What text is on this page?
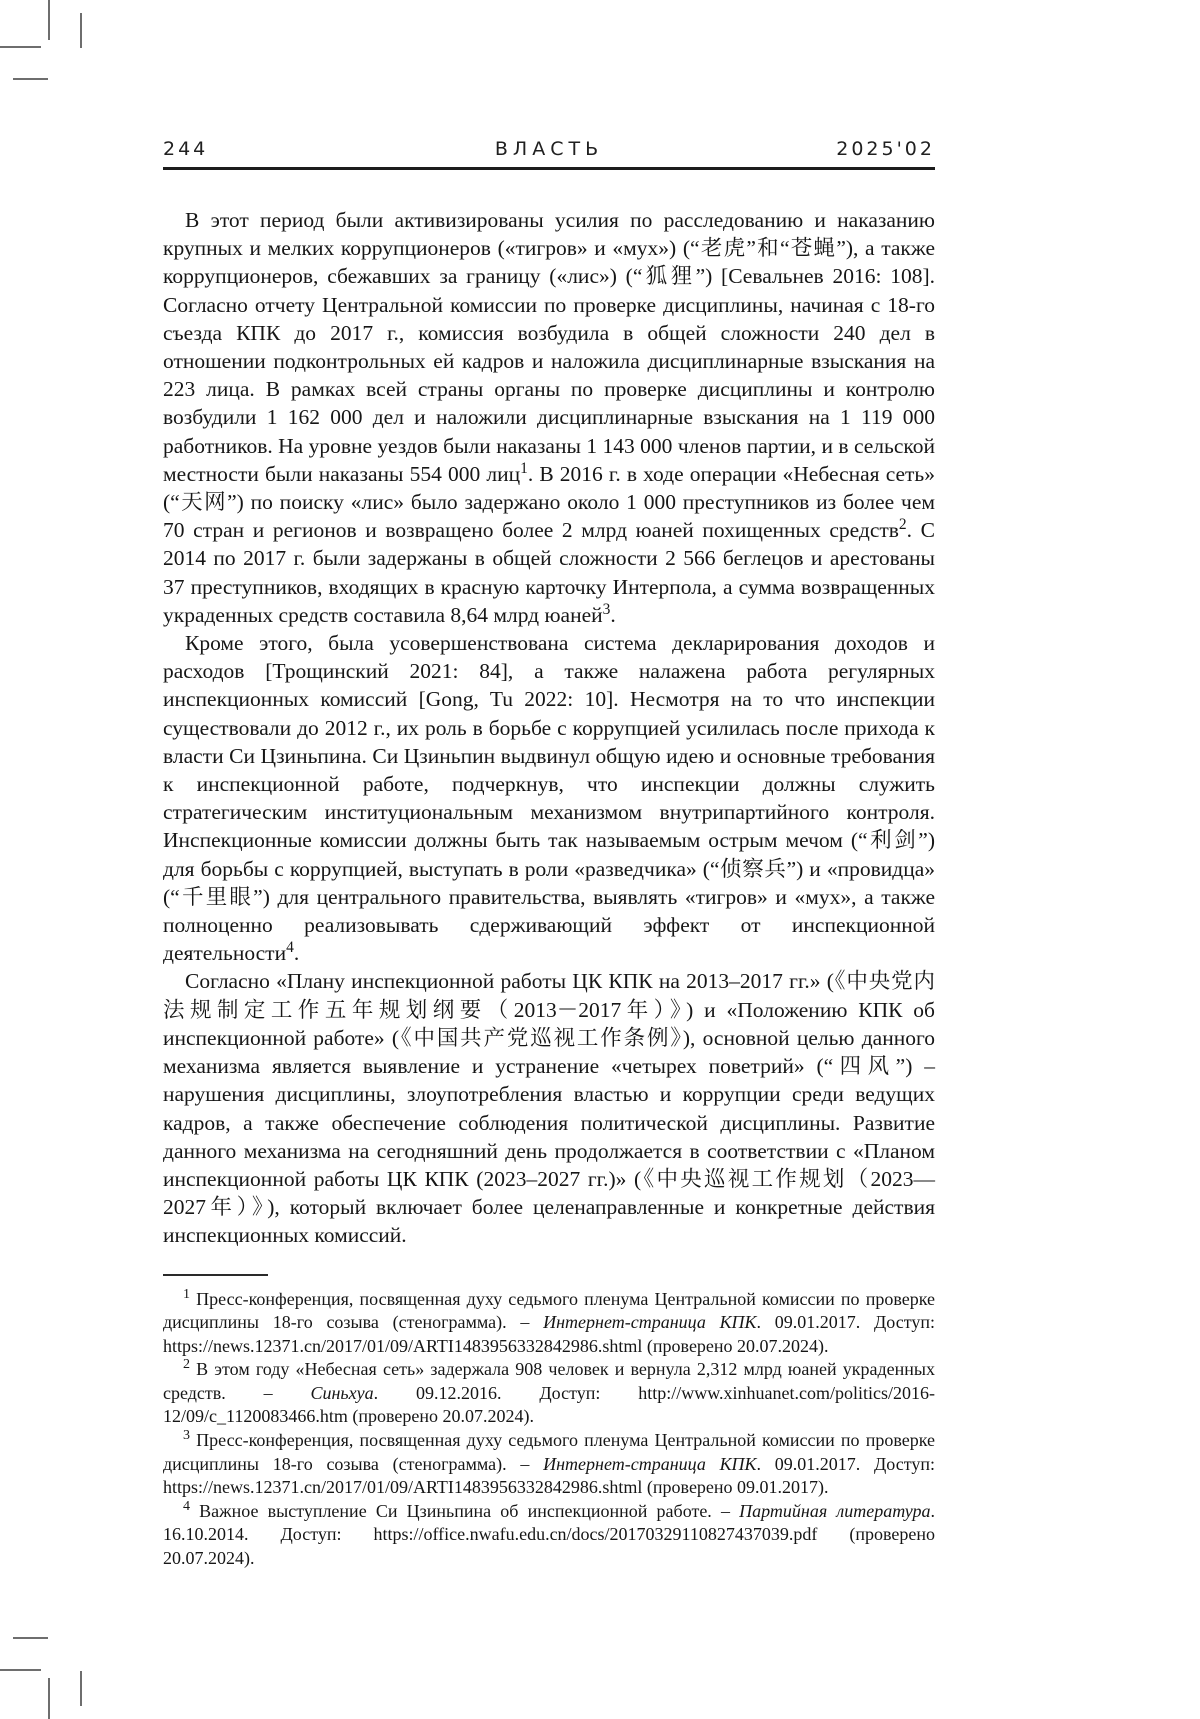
244	ВЛАСТЬ	2025'02

В этот период были активизированы усилия по расследованию и наказанию крупных и мелких коррупционеров («тигров» и «мух») (“老虎”和“苍蝇”), а также коррупционеров, сбежавших за границу («лис») (“狐狸”) [Севальнев 2016: 108]. Согласно отчету Центральной комиссии по проверке дисциплины, начиная с 18-го съезда КПК до 2017 г., комиссия возбудила в общей сложности 240 дел в отношении подконтрольных ей кадров и наложила дисциплинарные взыскания на 223 лица. В рамках всей страны органы по проверке дисциплины и контролю возбудили 1 162 000 дел и наложили дисциплинарные взыскания на 1 119 000 работников. На уровне уездов были наказаны 1 143 000 членов партии, и в сельской местности были наказаны 554 000 лиц$^1$. В 2016 г. в ходе операции «Небесная сеть» (“天网”) по поиску «лис» было задержано около 1 000 преступников из более чем 70 стран и регионов и возвращено более 2 млрд юаней похищенных средств$^2$. С 2014 по 2017 г. были задержаны в общей сложности 2 566 беглецов и арестованы 37 преступников, входящих в красную карточку Интерпола, а сумма возвращенных украденных средств составила 8,64 млрд юаней$^3$.

Кроме этого, была усовершенствована система декларирования доходов и расходов [Трощинский 2021: 84], а также налажена работа регулярных инспекционных комиссий [Gong, Tu 2022: 10]. Несмотря на то что инспекции существовали до 2012 г., их роль в борьбе с коррупцией усилилась после прихода к власти Си Цзиньпина. Си Цзиньпин выдвинул общую идею и основные требования к инспекционной работе, подчеркнув, что инспекции должны служить стратегическим институциональным механизмом внутрипартийного контроля. Инспекционные комиссии должны быть так называемым острым мечом (“利剑”) для борьбы с коррупцией, выступать в роли «разведчика» (“侦察兵”) и «провидца» (“千里眼”) для центрального правительства, выявлять «тигров» и «мух», а также полноценно реализовывать сдерживающий эффект от инспекционной деятельности$^4$.

Согласно «Плану инспекционной работы ЦК КПК на 2013–2017 гг.» (《中央党内法规制定工作五年规划纲要（2013－2017年）》) и «Положению КПК об инспекционной работе» (《中国共产党巡视工作条例》), основной целью данного механизма является выявление и устранение «четырех поветрий» (“四风”) – нарушения дисциплины, злоупотребления властью и коррупции среди ведущих кадров, а также обеспечение соблюдения политической дисциплины. Развитие данного механизма на сегодняшний день продолжается в соответствии с «Планом инспекционной работы ЦК КПК (2023–2027 гг.)» (《中央巡视工作规划（2023—2027年）》), который включает более целенаправленные и конкретные действия инспекционных комиссий.

$^1$ Пресс-конференция, посвященная духу седьмого пленума Центральной комиссии по проверке дисциплины 18-го созыва (стенограмма). – Интернет-страница КПК. 09.01.2017. Доступ: https://news.12371.cn/2017/01/09/ARTI1483956332842986.shtml (проверено 20.07.2024).

$^2$ В этом году «Небесная сеть» задержала 908 человек и вернула 2,312 млрд юаней украденных средств. – Синьхуа. 09.12.2016. Доступ: http://www.xinhuanet.com/politics/2016-12/09/c_1120083466.htm (проверено 20.07.2024).

$^3$ Пресс-конференция, посвященная духу седьмого пленума Центральной комиссии по проверке дисциплины 18-го созыва (стенограмма). – Интернет-страница КПК. 09.01.2017. Доступ: https://news.12371.cn/2017/01/09/ARTI1483956332842986.shtml (проверено 09.01.2017).

$^4$ Важное выступление Си Цзиньпина об инспекционной работе. – Партийная литература. 16.10.2014. Доступ: https://office.nwafu.edu.cn/docs/20170329110827437039.pdf (проверено 20.07.2024).
